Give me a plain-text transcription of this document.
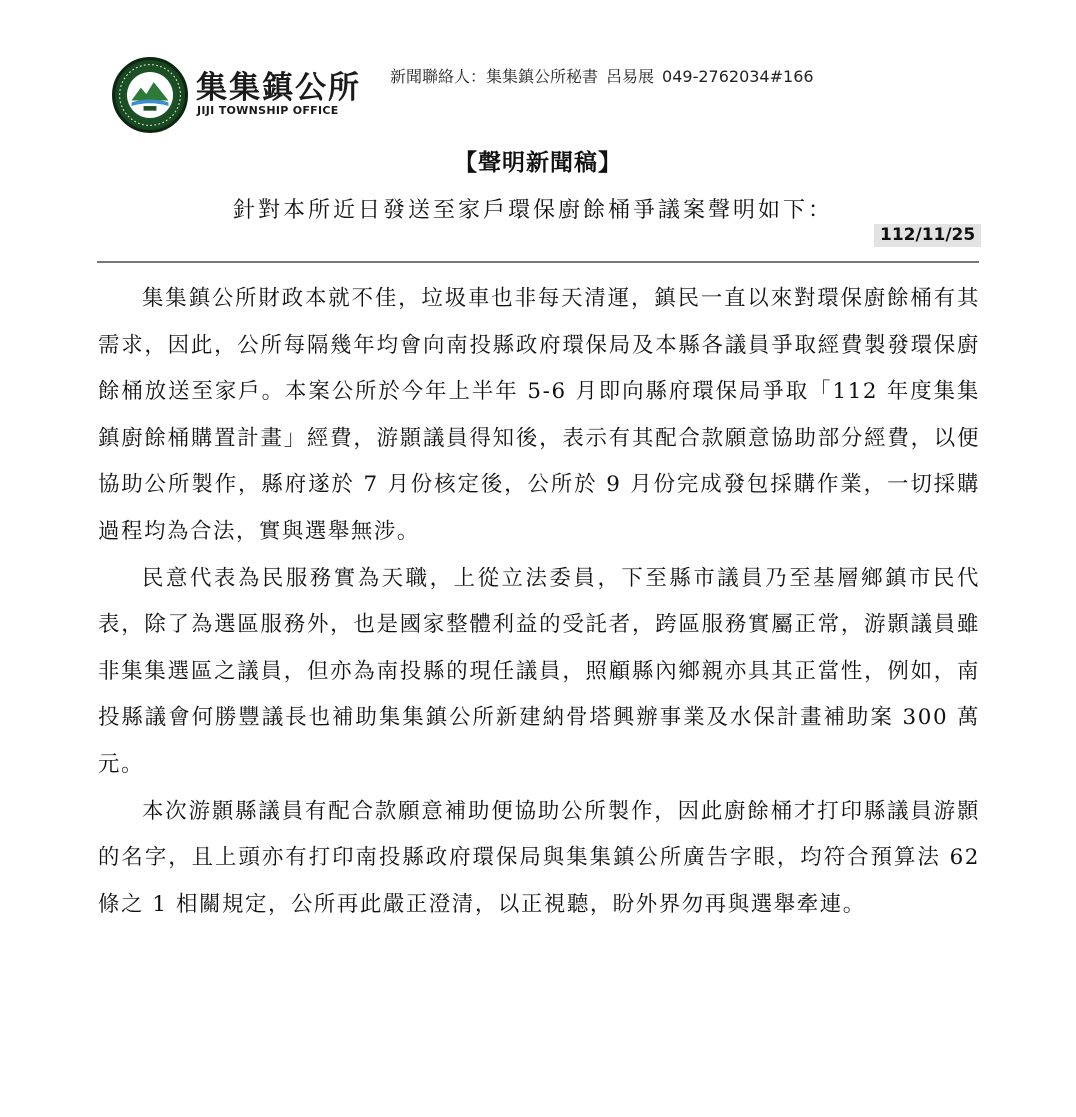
集集鎮公所
JIJI TOWNSHIP OFFICE
新聞聯絡人：集集鎮公所秘書 呂易展 049-2762034#166
【聲明新聞稿】
針對本所近日發送至家戶環保廚餘桶爭議案聲明如下：
112/11/25

集集鎮公所財政本就不佳，垃圾車也非每天清運，鎮民一直以來對環保廚餘桶有其需求，因此，公所每隔幾年均會向南投縣政府環保局及本縣各議員爭取經費製發環保廚餘桶放送至家戶。本案公所於今年上半年 5-6 月即向縣府環保局爭取「112 年度集集鎮廚餘桶購置計畫」經費，游顥議員得知後，表示有其配合款願意協助部分經費，以便協助公所製作，縣府遂於 7 月份核定後，公所於 9 月份完成發包採購作業，一切採購過程均為合法，實與選舉無涉。

民意代表為民服務實為天職，上從立法委員，下至縣市議員乃至基層鄉鎮市民代表，除了為選區服務外，也是國家整體利益的受託者，跨區服務實屬正常，游顥議員雖非集集選區之議員，但亦為南投縣的現任議員，照顧縣內鄉親亦具其正當性，例如，南投縣議會何勝豐議長也補助集集鎮公所新建納骨塔興辦事業及水保計畫補助案 300 萬元。

本次游顥縣議員有配合款願意補助便協助公所製作，因此廚餘桶才打印縣議員游顥的名字，且上頭亦有打印南投縣政府環保局與集集鎮公所廣告字眼，均符合預算法 62 條之 1 相關規定，公所再此嚴正澄清，以正視聽，盼外界勿再與選舉牽連。
